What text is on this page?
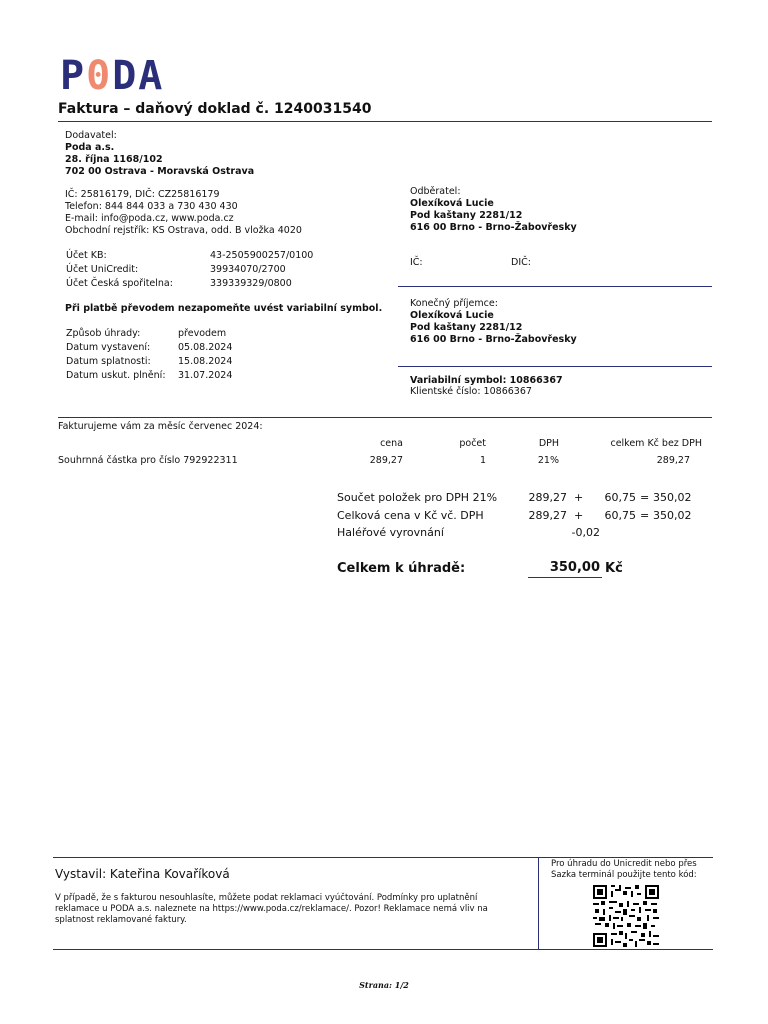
P0DA
Faktura – daňový doklad č. 1240031540
Dodavatel:
Poda a.s.
28. října 1168/102
702 00 Ostrava - Moravská Ostrava
IČ: 25816179, DIČ: CZ25816179
Telefon: 844 844 033 a 730 430 430
E-mail: info@poda.cz, www.poda.cz
Obchodní rejstřík: KS Ostrava, odd. B vložka 4020
Účet KB:	43-2505900257/0100
Účet UniCredit:	39934070/2700
Účet Česká spořitelna:	339339329/0800
Při platbě převodem nezapomeňte uvést variabilní symbol.
Způsob úhrady:	převodem
Datum vystavení:	05.08.2024
Datum splatnosti:	15.08.2024
Datum uskut. plnění: 31.07.2024
Odběratel:
Olexíková Lucie
Pod kaštany 2281/12
616 00 Brno - Brno-Žabovřesky
IČ:	DIČ:
Konečný příjemce:
Olexíková Lucie
Pod kaštany 2281/12
616 00 Brno - Brno-Žabovřesky
Variabilní symbol: 10866367
Klientské číslo: 10866367
Fakturujeme vám za měsíc červenec 2024:
cena	počet	DPH	celkem Kč bez DPH
Souhrnná částka pro číslo 792922311	289,27	1	21%	289,27
Součet položek pro DPH 21%	289,27 +	60,75 = 350,02
Celková cena v Kč vč. DPH	289,27 +	60,75 = 350,02
Haléřové vyrovnání	-0,02
Celkem k úhradě:	350,00 Kč
Vystavil: Kateřina Kovaříková
V případě, že s fakturou nesouhlasíte, můžete podat reklamaci vyúčtování. Podmínky pro uplatnění
reklamace u PODA a.s. naleznete na https://www.poda.cz/reklamace/. Pozor! Reklamace nemá vliv na
splatnost reklamované faktury.
Pro úhradu do Unicredit nebo přes
Sazka terminál použijte tento kód:
Strana: 1/2
